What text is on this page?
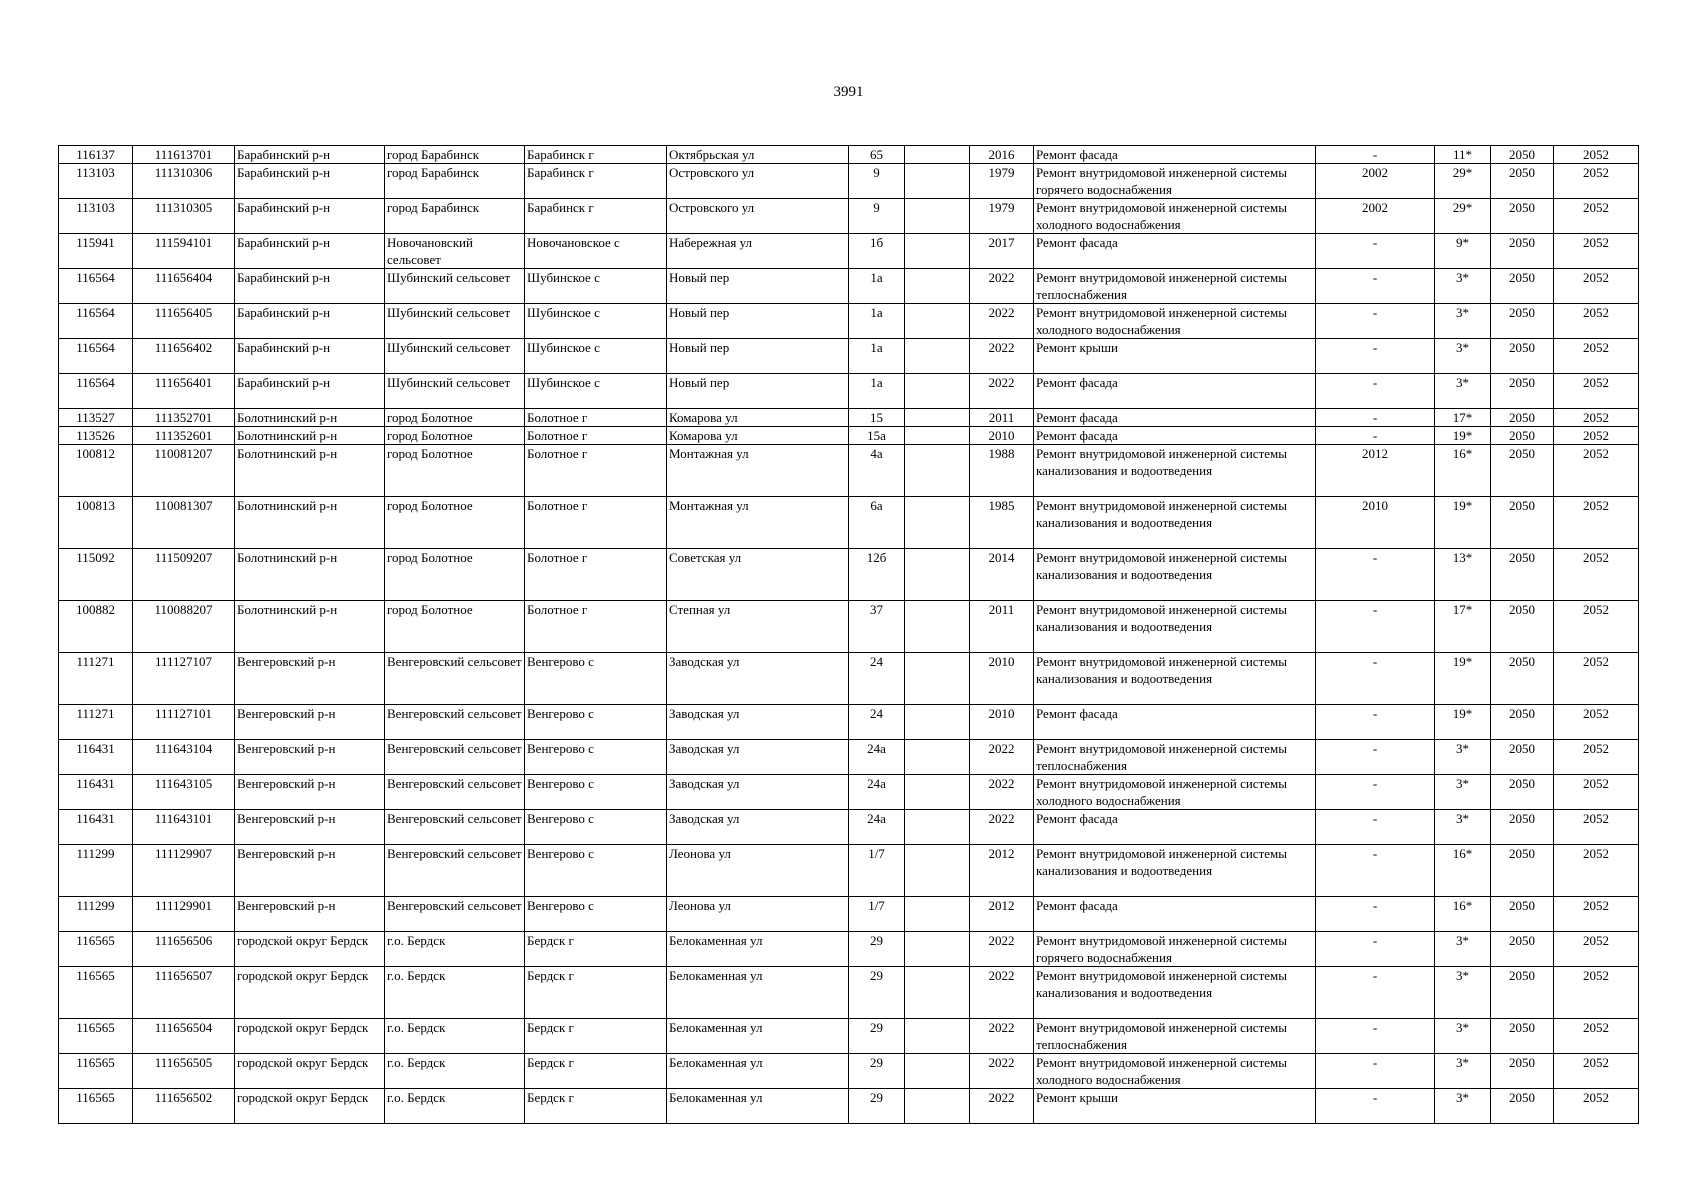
3991
116137	111613701	Барабинский р-н	город Барабинск	Барабинск г	Октябрьская ул	65		2016	Ремонт фасада	-	11*	2050	2052
113103	111310306	Барабинский р-н	город Барабинск	Барабинск г	Островского ул	9		1979	Ремонт внутридомовой инженерной системы горячего водоснабжения	2002	29*	2050	2052
113103	111310305	Барабинский р-н	город Барабинск	Барабинск г	Островского ул	9		1979	Ремонт внутридомовой инженерной системы холодного водоснабжения	2002	29*	2050	2052
115941	111594101	Барабинский р-н	Новочановский сельсовет	Новочановское с	Набережная ул	1б		2017	Ремонт фасада	-	9*	2050	2052
116564	111656404	Барабинский р-н	Шубинский сельсовет	Шубинское с	Новый пер	1а		2022	Ремонт внутридомовой инженерной системы теплоснабжения	-	3*	2050	2052
116564	111656405	Барабинский р-н	Шубинский сельсовет	Шубинское с	Новый пер	1а		2022	Ремонт внутридомовой инженерной системы холодного водоснабжения	-	3*	2050	2052
116564	111656402	Барабинский р-н	Шубинский сельсовет	Шубинское с	Новый пер	1а		2022	Ремонт крыши	-	3*	2050	2052
116564	111656401	Барабинский р-н	Шубинский сельсовет	Шубинское с	Новый пер	1а		2022	Ремонт фасада	-	3*	2050	2052
113527	111352701	Болотнинский р-н	город Болотное	Болотное г	Комарова ул	15		2011	Ремонт фасада	-	17*	2050	2052
113526	111352601	Болотнинский р-н	город Болотное	Болотное г	Комарова ул	15а		2010	Ремонт фасада	-	19*	2050	2052
100812	110081207	Болотнинский р-н	город Болотное	Болотное г	Монтажная ул	4а		1988	Ремонт внутридомовой инженерной системы канализования и водоотведения	2012	16*	2050	2052
100813	110081307	Болотнинский р-н	город Болотное	Болотное г	Монтажная ул	6а		1985	Ремонт внутридомовой инженерной системы канализования и водоотведения	2010	19*	2050	2052
115092	111509207	Болотнинский р-н	город Болотное	Болотное г	Советская ул	12б		2014	Ремонт внутридомовой инженерной системы канализования и водоотведения	-	13*	2050	2052
100882	110088207	Болотнинский р-н	город Болотное	Болотное г	Степная ул	37		2011	Ремонт внутридомовой инженерной системы канализования и водоотведения	-	17*	2050	2052
111271	111127107	Венгеровский р-н	Венгеровский сельсовет	Венгерово с	Заводская ул	24		2010	Ремонт внутридомовой инженерной системы канализования и водоотведения	-	19*	2050	2052
111271	111127101	Венгеровский р-н	Венгеровский сельсовет	Венгерово с	Заводская ул	24		2010	Ремонт фасада	-	19*	2050	2052
116431	111643104	Венгеровский р-н	Венгеровский сельсовет	Венгерово с	Заводская ул	24а		2022	Ремонт внутридомовой инженерной системы теплоснабжения	-	3*	2050	2052
116431	111643105	Венгеровский р-н	Венгеровский сельсовет	Венгерово с	Заводская ул	24а		2022	Ремонт внутридомовой инженерной системы холодного водоснабжения	-	3*	2050	2052
116431	111643101	Венгеровский р-н	Венгеровский сельсовет	Венгерово с	Заводская ул	24а		2022	Ремонт фасада	-	3*	2050	2052
111299	111129907	Венгеровский р-н	Венгеровский сельсовет	Венгерово с	Леонова ул	1/7		2012	Ремонт внутридомовой инженерной системы канализования и водоотведения	-	16*	2050	2052
111299	111129901	Венгеровский р-н	Венгеровский сельсовет	Венгерово с	Леонова ул	1/7		2012	Ремонт фасада	-	16*	2050	2052
116565	111656506	городской округ Бердск	г.о. Бердск	Бердск г	Белокаменная ул	29		2022	Ремонт внутридомовой инженерной системы горячего водоснабжения	-	3*	2050	2052
116565	111656507	городской округ Бердск	г.о. Бердск	Бердск г	Белокаменная ул	29		2022	Ремонт внутридомовой инженерной системы канализования и водоотведения	-	3*	2050	2052
116565	111656504	городской округ Бердск	г.о. Бердск	Бердск г	Белокаменная ул	29		2022	Ремонт внутридомовой инженерной системы теплоснабжения	-	3*	2050	2052
116565	111656505	городской округ Бердск	г.о. Бердск	Бердск г	Белокаменная ул	29		2022	Ремонт внутридомовой инженерной системы холодного водоснабжения	-	3*	2050	2052
116565	111656502	городской округ Бердск	г.о. Бердск	Бердск г	Белокаменная ул	29		2022	Ремонт крыши	-	3*	2050	2052
